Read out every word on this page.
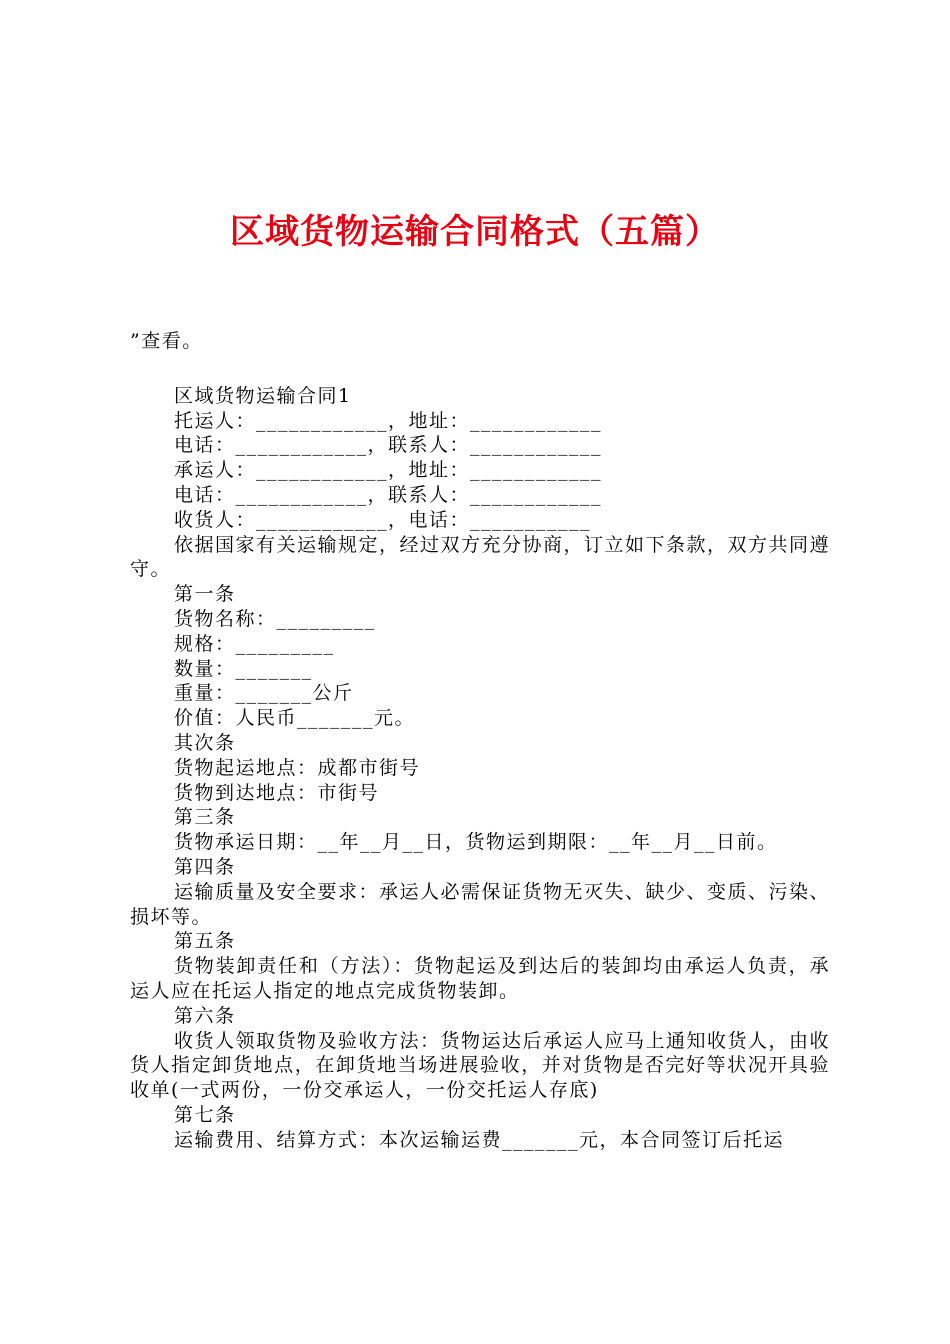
区域货物运输合同格式（五篇）
”查看。
区域货物运输合同1
托运人：____________，地址：____________
电话：____________，联系人：____________
承运人：____________，地址：____________
电话：____________，联系人：____________
收货人：____________，电话：___________
依据国家有关运输规定，经过双方充分协商，订立如下条款，双方共同遵守。
第一条
货物名称：_________
规格：_________
数量：_______
重量：_______公斤
价值：人民币_______元。
其次条
货物起运地点：成都市街号
货物到达地点：市街号
第三条
货物承运日期：__年__月__日，货物运到期限：__年__月__日前。
第四条
运输质量及安全要求：承运人必需保证货物无灭失、缺少、变质、污染、损坏等。
第五条
货物装卸责任和（方法）：货物起运及到达后的装卸均由承运人负责，承运人应在托运人指定的地点完成货物装卸。
第六条
收货人领取货物及验收方法：货物运达后承运人应马上通知收货人，由收货人指定卸货地点，在卸货地当场进展验收，并对货物是否完好等状况开具验收单(一式两份，一份交承运人，一份交托运人存底)
第七条
运输费用、结算方式：本次运输运费_______元，本合同签订后托运
